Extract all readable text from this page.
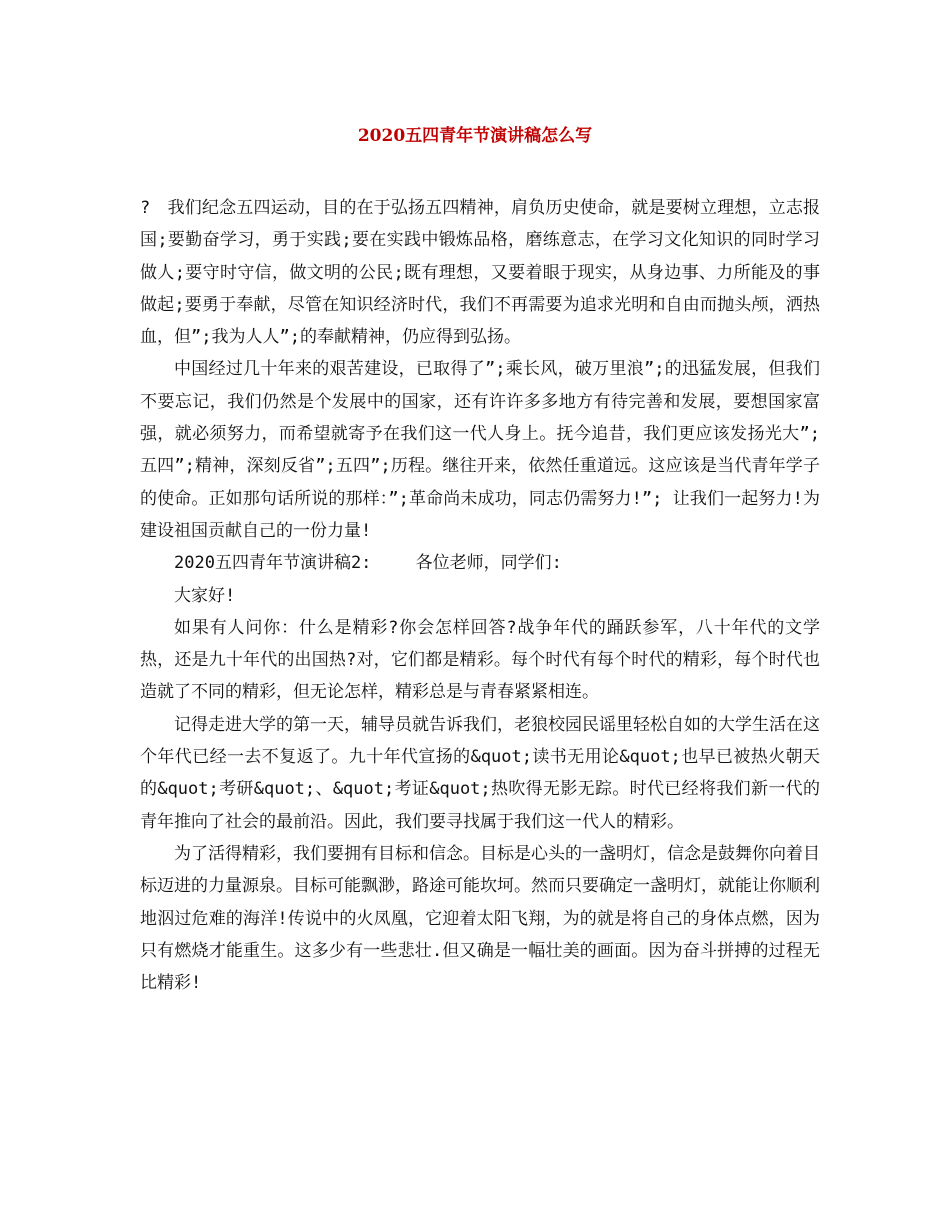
2020五四青年节演讲稿怎么写

?　我们纪念五四运动，目的在于弘扬五四精神，肩负历史使命，就是要树立理想，立志报国;要勤奋学习，勇于实践;要在实践中锻炼品格，磨练意志，在学习文化知识的同时学习做人;要守时守信，做文明的公民;既有理想，又要着眼于现实，从身边事、力所能及的事做起;要勇于奉献，尽管在知识经济时代，我们不再需要为追求光明和自由而抛头颅，洒热血，但”;我为人人”;的奉献精神，仍应得到弘扬。

中国经过几十年来的艰苦建设，已取得了”;乘长风，破万里浪”;的迅猛发展，但我们不要忘记，我们仍然是个发展中的国家，还有许许多多地方有待完善和发展，要想国家富强，就必须努力，而希望就寄予在我们这一代人身上。抚今追昔，我们更应该发扬光大”;五四”;精神，深刻反省”;五四”;历程。继往开来，依然任重道远。这应该是当代青年学子的使命。正如那句话所说的那样：”;革命尚未成功，同志仍需努力!”; 让我们一起努力!为建设祖国贡献自己的一份力量!

2020五四青年节演讲稿2:　　 各位老师，同学们:

大家好!

如果有人问你：什么是精彩?你会怎样回答?战争年代的踊跃参军，八十年代的文学热，还是九十年代的出国热?对，它们都是精彩。每个时代有每个时代的精彩，每个时代也造就了不同的精彩，但无论怎样，精彩总是与青春紧紧相连。

记得走进大学的第一天，辅导员就告诉我们，老狼校园民谣里轻松自如的大学生活在这个年代已经一去不复返了。九十年代宣扬的&quot;读书无用论&quot;也早已被热火朝天的&quot;考研&quot;、&quot;考证&quot;热吹得无影无踪。时代已经将我们新一代的青年推向了社会的最前沿。因此，我们要寻找属于我们这一代人的精彩。

为了活得精彩，我们要拥有目标和信念。目标是心头的一盏明灯，信念是鼓舞你向着目标迈进的力量源泉。目标可能飘渺，路途可能坎坷。然而只要确定一盏明灯，就能让你顺利地泅过危难的海洋!传说中的火凤凰，它迎着太阳飞翔，为的就是将自己的身体点燃，因为只有燃烧才能重生。这多少有一些悲壮.但又确是一幅壮美的画面。因为奋斗拼搏的过程无比精彩!
